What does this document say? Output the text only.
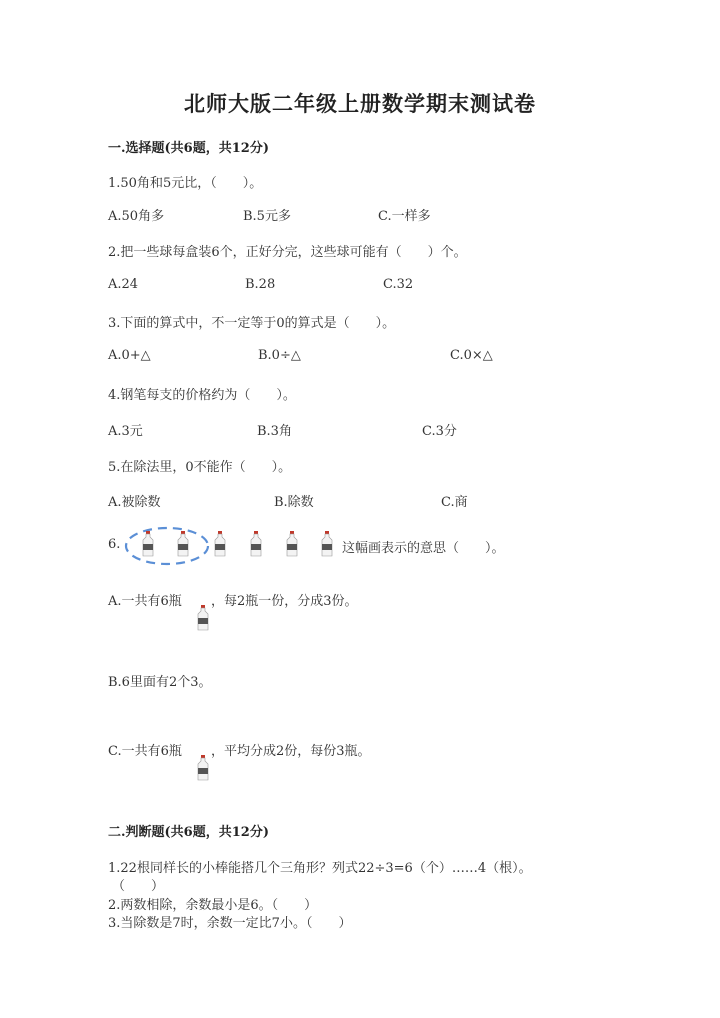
北师大版二年级上册数学期末测试卷
一.选择题(共6题，共12分)
1.50角和5元比，（　　）。
A.50角多	B.5元多	C.一样多
2.把一些球每盒装6个，正好分完，这些球可能有（　　）个。
A.24	B.28	C.32
3.下面的算式中，不一定等于0的算式是（　　）。
A.0+△	B.0÷△	C.0×△
4.钢笔每支的价格约为（　　）。
A.3元	B.3角	C.3分
5.在除法里，0不能作（　　）。
A.被除数	B.除数	C.商
6.	这幅画表示的意思（　　）。
A.一共有6瓶 ，每2瓶一份，分成3份。
B.6里面有2个3。
C.一共有6瓶 ，平均分成2份，每份3瓶。
二.判断题(共6题，共12分)
1.22根同样长的小棒能搭几个三角形？列式22÷3=6（个）……4（根）。
（　　）
2.两数相除，余数最小是6。（　　）
3.当除数是7时，余数一定比7小。（　　）
